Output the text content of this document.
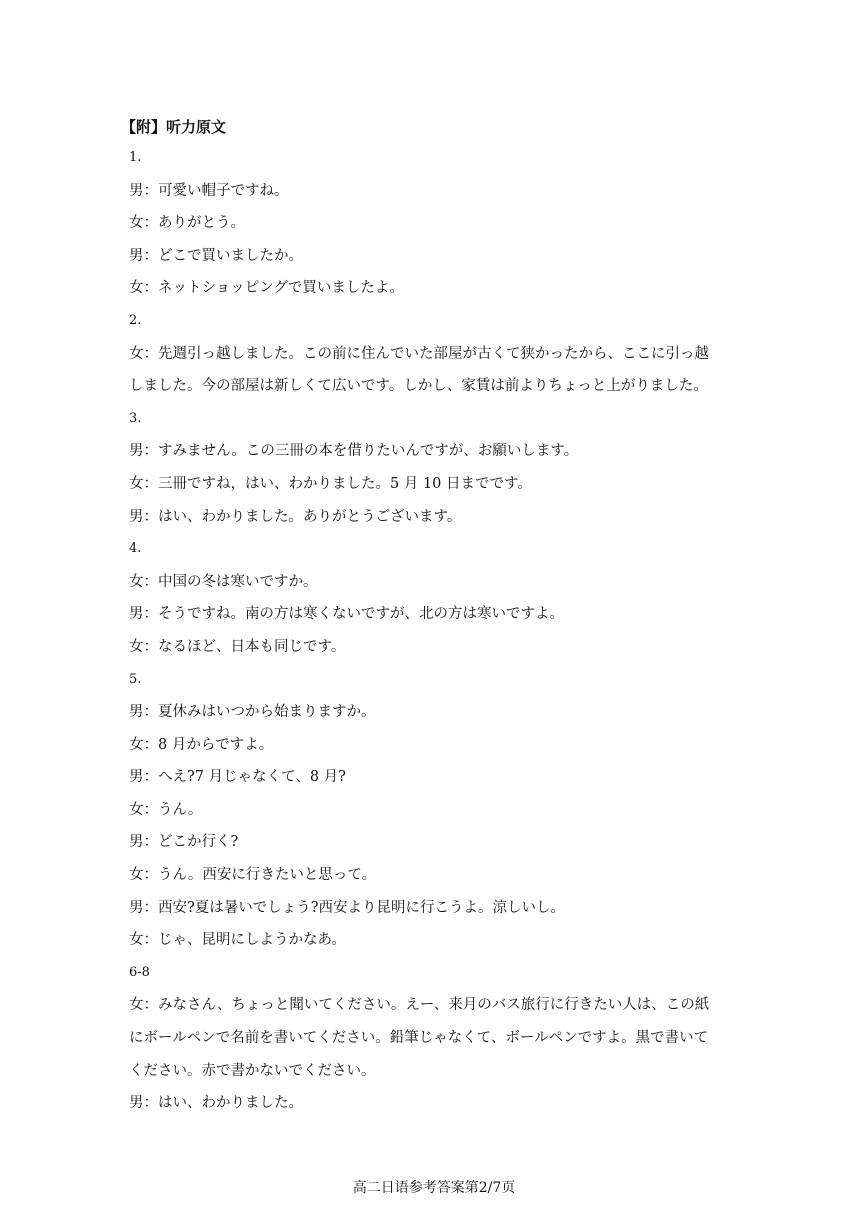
【附】听力原文
1.
男：可愛い帽子ですね。
女：ありがとう。
男：どこで買いましたか。
女：ネットショッピングで買いましたよ。
2.
女：先週引っ越しました。この前に住んでいた部屋が古くて狭かったから、ここに引っ越
しました。今の部屋は新しくて広いです。しかし、家賃は前よりちょっと上がりました。
3.
男：すみません。この三冊の本を借りたいんですが、お願いします。
女：三冊ですね，はい、わかりました。5 月 10 日までです。
男：はい、わかりました。ありがとうございます。
4.
女：中国の冬は寒いですか。
男：そうですね。南の方は寒くないですが、北の方は寒いですよ。
女：なるほど、日本も同じです。
5.
男：夏休みはいつから始まりますか。
女：8 月からですよ。
男：へえ?7 月じゃなくて、8 月?
女：うん。
男：どこか行く?
女：うん。西安に行きたいと思って。
男：西安?夏は暑いでしょう?西安より昆明に行こうよ。涼しいし。
女：じゃ、昆明にしようかなあ。
6-8
女：みなさん、ちょっと聞いてください。えー、来月のバス旅行に行きたい人は、この紙
にボールペンで名前を書いてください。鉛筆じゃなくて、ボールペンですよ。黒で書いて
ください。赤で書かないでください。
男：はい、わかりました。
高二日语参考答案第2/7页
